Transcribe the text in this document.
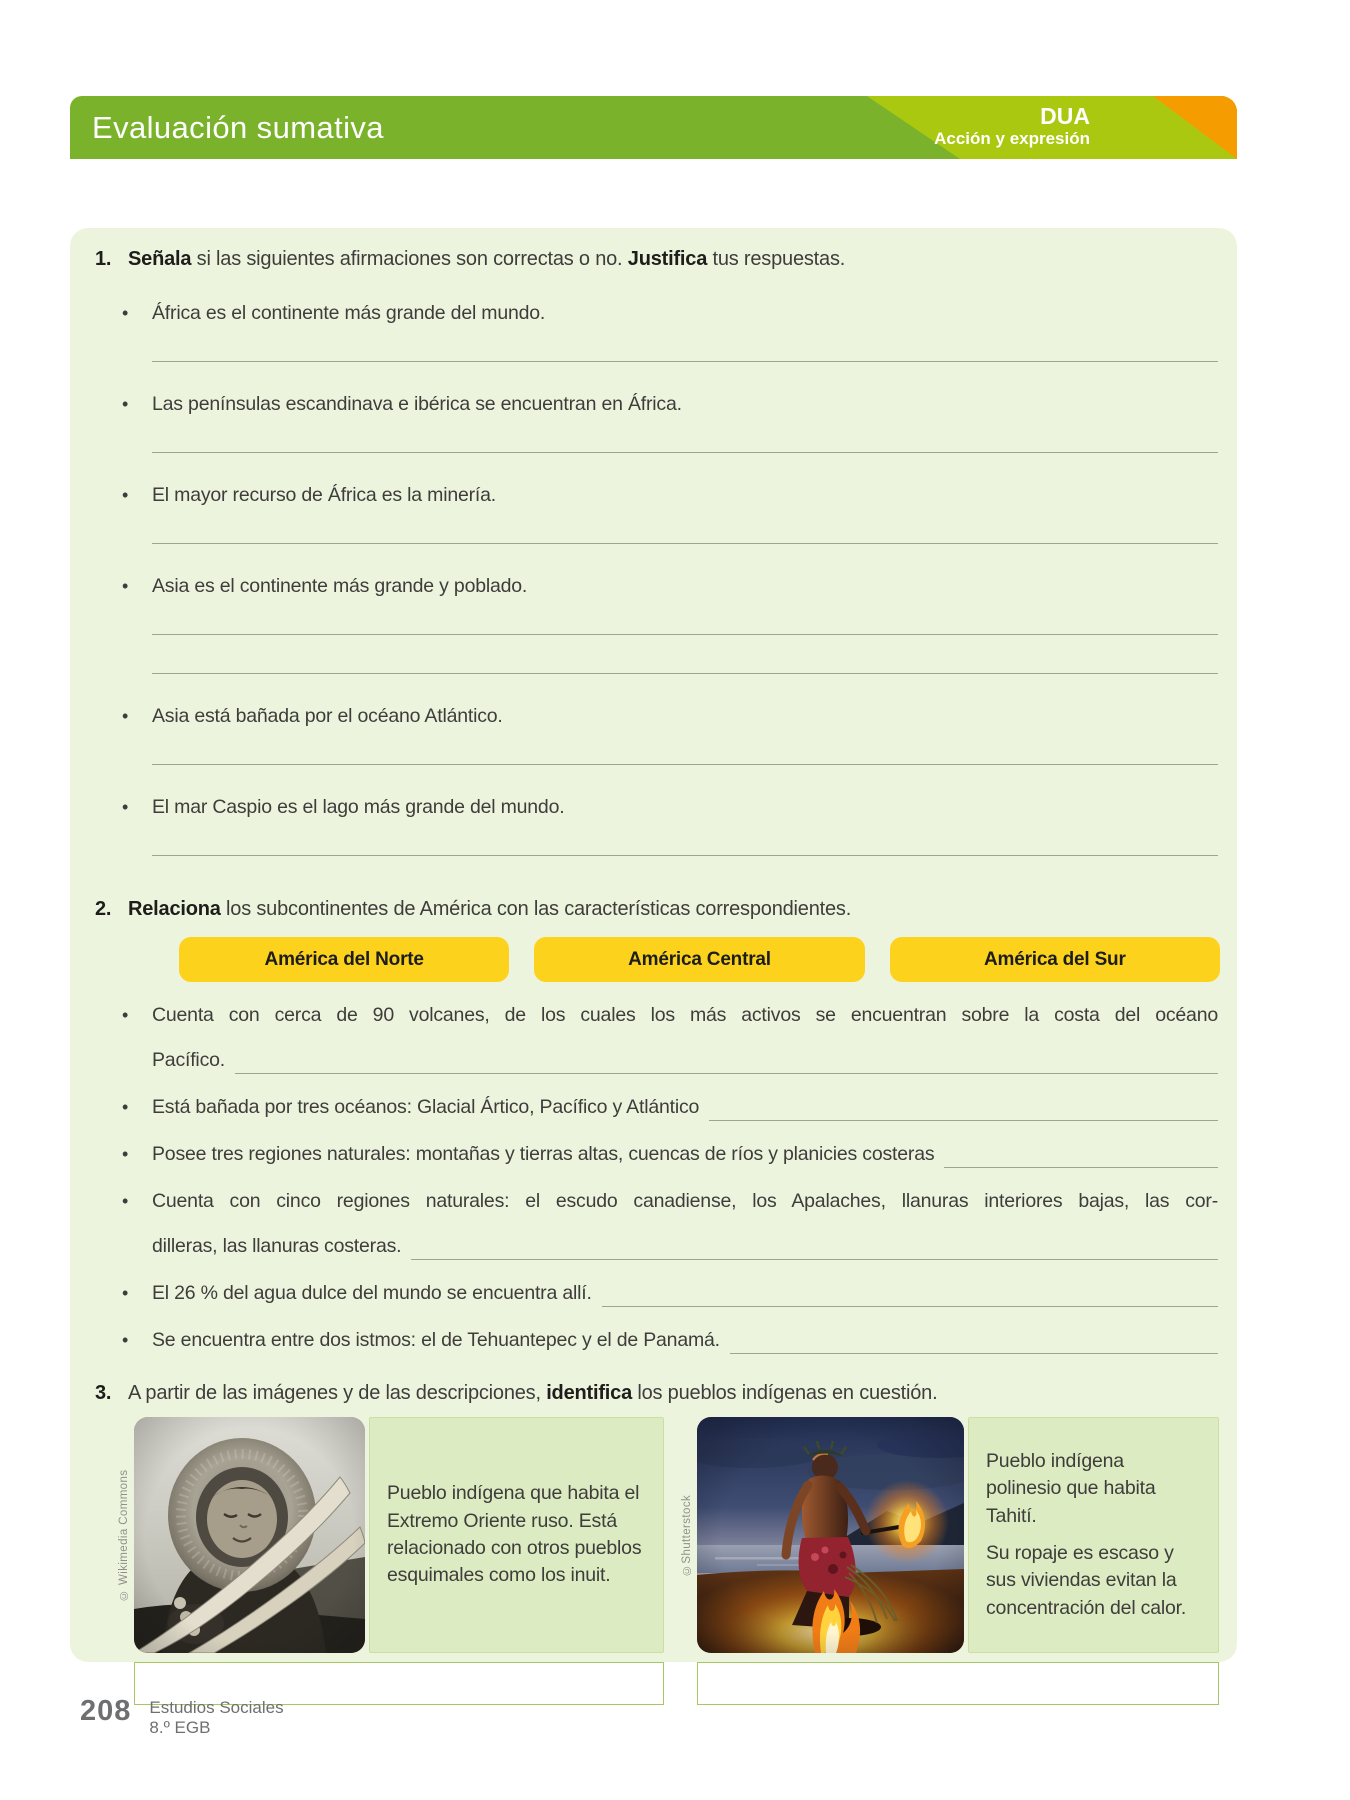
Evaluación sumativa	DUA
Acción y expresión
1. Señala si las siguientes afirmaciones son correctas o no. Justifica tus respuestas.
• África es el continente más grande del mundo.
• Las penínsulas escandinava e ibérica se encuentran en África.
• El mayor recurso de África es la minería.
• Asia es el continente más grande y poblado.
• Asia está bañada por el océano Atlántico.
• El mar Caspio es el lago más grande del mundo.
2. Relaciona los subcontinentes de América con las características correspondientes.
América del Norte	América Central	América del Sur
• Cuenta con cerca de 90 volcanes, de los cuales los más activos se encuentran sobre la costa del océano
Pacífico.
• Está bañada por tres océanos: Glacial Ártico, Pacífico y Atlántico
• Posee tres regiones naturales: montañas y tierras altas, cuencas de ríos y planicies costeras
• Cuenta con cinco regiones naturales: el escudo canadiense, los Apalaches, llanuras interiores bajas, las cor-
dilleras, las llanuras costeras.
• El 26 % del agua dulce del mundo se encuentra allí.
• Se encuentra entre dos istmos: el de Tehuantepec y el de Panamá.
3. A partir de las imágenes y de las descripciones, identifica los pueblos indígenas en cuestión.
© Wikimedia Commons	Pueblo indígena que habita el Extremo Oriente ruso. Está relacionado con otros pueblos esquimales como los inuit.	©Shutterstock

Pueblo indígena polinesio que habita Tahití.

Su ropaje es escaso y sus viviendas evitan la concentración del calor.

208 Estudios Sociales
8.º EGB
